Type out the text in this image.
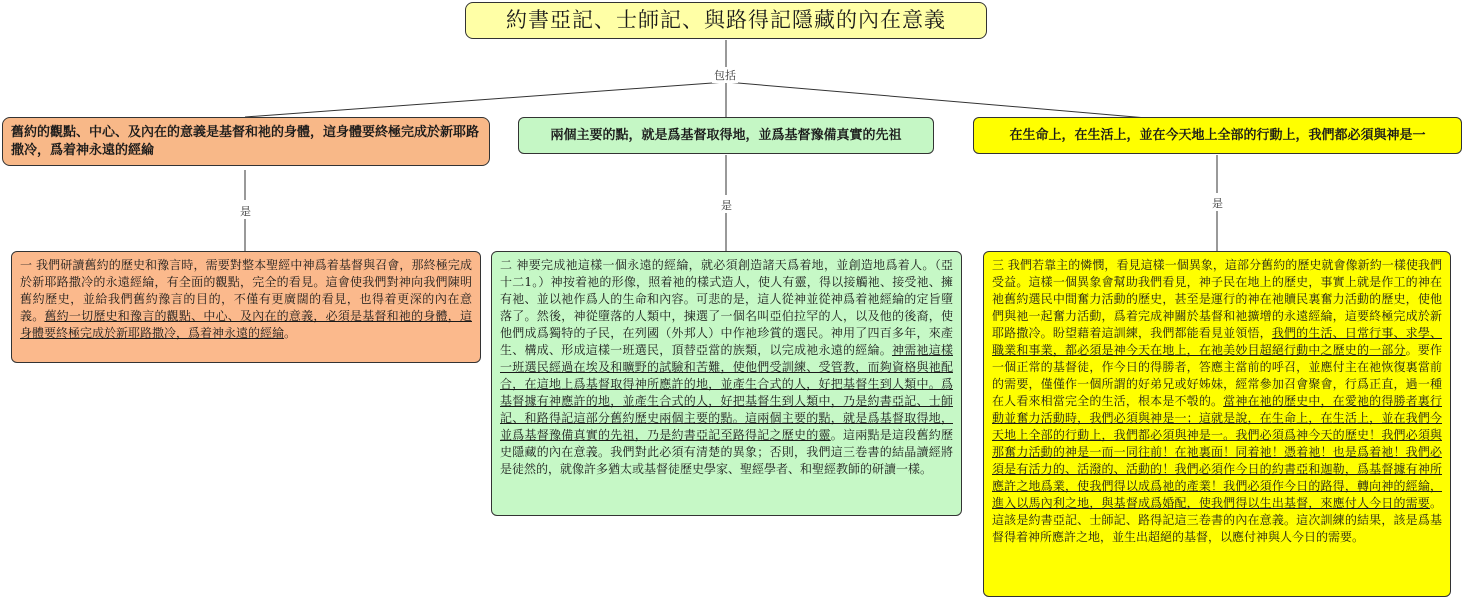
約書亞記、士師記、與路得記隱藏的內在意義
包括
是	是	是
舊約的觀點、中心、及內在的意義是基督和祂的身體，這身體要終極完成於新耶路撒冷，爲着神永遠的經綸
兩個主要的點，就是爲基督取得地，並爲基督豫備真實的先祖	在生命上，在生活上，並在今天地上全部的行動上，我們都必須與神是一
一 我們研讀舊約的歷史和豫言時，需要對整本聖經中神爲着基督與召會，那終極完成於新耶路撒冷的永遠經綸，有全面的觀點，完全的看見。這會使我們對神向我們陳明舊約歷史，並給我們舊約豫言的目的，不僅有更廣闊的看見，也得着更深的內在意義。舊約一切歷史和豫言的觀點、中心、及內在的意義，必須是基督和祂的身體，這身體要終極完成於新耶路撒冷，爲着神永遠的經綸。
二 神要完成祂這樣一個永遠的經綸，就必須創造諸天爲着地，並創造地爲着人。（亞十二1。）神按着祂的形像，照着祂的樣式造人，使人有靈，得以接觸祂、接受祂、擁有祂、並以祂作爲人的生命和內容。可悲的是，這人從神並從神爲着祂經綸的定旨墮落了。然後，神從墮落的人類中，揀選了一個名叫亞伯拉罕的人，以及他的後裔，使他們成爲獨特的子民，在列國（外邦人）中作祂珍賞的選民。神用了四百多年，來產生、構成、形成這樣一班選民，頂替亞當的族類，以完成祂永遠的經綸。神需祂這樣一班選民經過在埃及和曠野的試驗和苦難，使他們受訓練、受管教，而夠資格與祂配合，在這地上爲基督取得神所應許的地，並產生合式的人，好把基督生到人類中。爲基督據有神應許的地，並產生合式的人，好把基督生到人類中，乃是約書亞記、士師記、和路得記這部分舊約歷史兩個主要的點。這兩個主要的點，就是爲基督取得地，並爲基督豫備真實的先祖，乃是約書亞記至路得記之歷史的靈。這兩點是這段舊約歷史隱藏的內在意義。我們對此必須有清楚的異象；否則，我們這三卷書的結晶讀經將是徒然的，就像許多猶太或基督徒歷史學家、聖經學者、和聖經教師的研讀一樣。
三 我們若靠主的憐憫，看見這樣一個異象，這部分舊約的歷史就會像新約一樣使我們受益。這樣一個異象會幫助我們看見，神子民在地上的歷史，事實上就是作工的神在祂舊約選民中間奮力活動的歷史，甚至是運行的神在祂贖民裏奮力活動的歷史，使他們與祂一起奮力活動，爲着完成神關於基督和祂擴增的永遠經綸，這要終極完成於新耶路撒冷。盼望藉着這訓練，我們都能看見並領悟，我們的生活、日常行事、求學、職業和事業，都必須是神今天在地上，在祂美妙目超絕行動中之歷史的一部分。要作一個正常的基督徒，作今日的得勝者，答應主當前的呼召，並應付主在祂恢復裏當前的需要，僅僅作一個所謂的好弟兄或好姊妹，經常參加召會聚會，行爲正直，過一種在人看來相當完全的生活，根本是不彀的。當神在祂的歷史中，在愛祂的得勝者裏行動並奮力活動時，我們必須與神是一；這就是說，在生命上，在生活上，並在我們今天地上全部的行動上，我們都必須與神是一。我們必須爲神今天的歷史！我們必須與那奮力活動的神是一而一同往前！在祂裏面！同着祂！憑着祂！也是爲着祂！我們必須是有活力的、活潑的、活動的！我們必須作今日的約書亞和迦勒，爲基督據有神所應許之地爲業，使我們得以成爲祂的產業！我們必須作今日的路得，轉向神的經綸，進入以馬內利之地，與基督成爲婚配，使我們得以生出基督，來應付人今日的需要。這該是約書亞記、士師記、路得記這三卷書的內在意義。這次訓練的結果，該是爲基督得着神所應許之地，並生出超絕的基督，以應付神與人今日的需要。
